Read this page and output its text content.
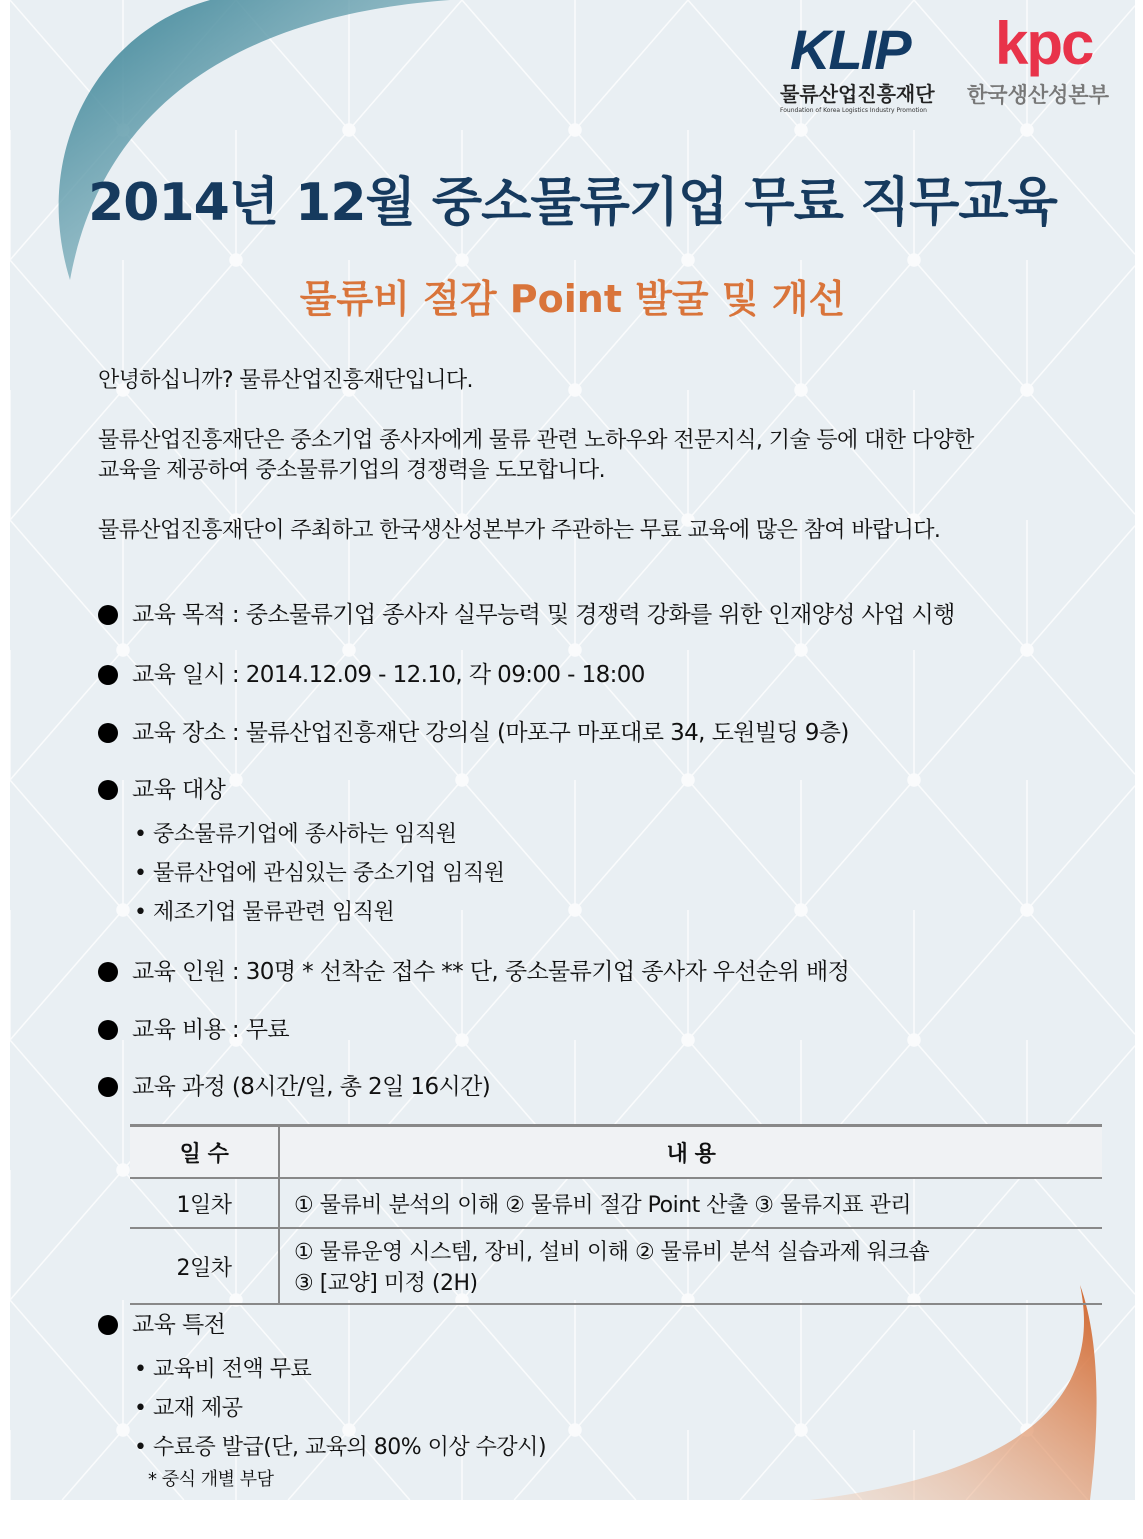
KLIP
물류산업진흥재단
Foundation of Korea Logistics Industry Promotion
kpc
한국생산성본부
2014년 12월 중소물류기업 무료 직무교육
물류비 절감 Point 발굴 및 개선
안녕하십니까? 물류산업진흥재단입니다.
물류산업진흥재단은 중소기업 종사자에게 물류 관련 노하우와 전문지식, 기술 등에 대한 다양한
교육을 제공하여 중소물류기업의 경쟁력을 도모합니다.
물류산업진흥재단이 주최하고 한국생산성본부가 주관하는 무료 교육에 많은 참여 바랍니다.
교육 목적 : 중소물류기업 종사자 실무능력 및 경쟁력 강화를 위한 인재양성 사업 시행
교육 일시 : 2014.12.09 - 12.10, 각 09:00 - 18:00
교육 장소 : 물류산업진흥재단 강의실 (마포구 마포대로 34, 도원빌딩 9층)
교육 대상
• 중소물류기업에 종사하는 임직원
• 물류산업에 관심있는 중소기업 임직원
• 제조기업 물류관련 임직원
교육 인원 : 30명 * 선착순 접수 ** 단, 중소물류기업 종사자 우선순위 배정
교육 비용 : 무료
교육 과정 (8시간/일, 총 2일 16시간)
일 수	내 용
1일차	① 물류비 분석의 이해 ② 물류비 절감 Point 산출 ③ 물류지표 관리
2일차	① 물류운영 시스템, 장비, 설비 이해 ② 물류비 분석 실습과제 워크숍
③ [교양] 미정 (2H)
교육 특전
• 교육비 전액 무료
• 교재 제공
• 수료증 발급(단, 교육의 80% 이상 수강시)
* 중식 개별 부담
